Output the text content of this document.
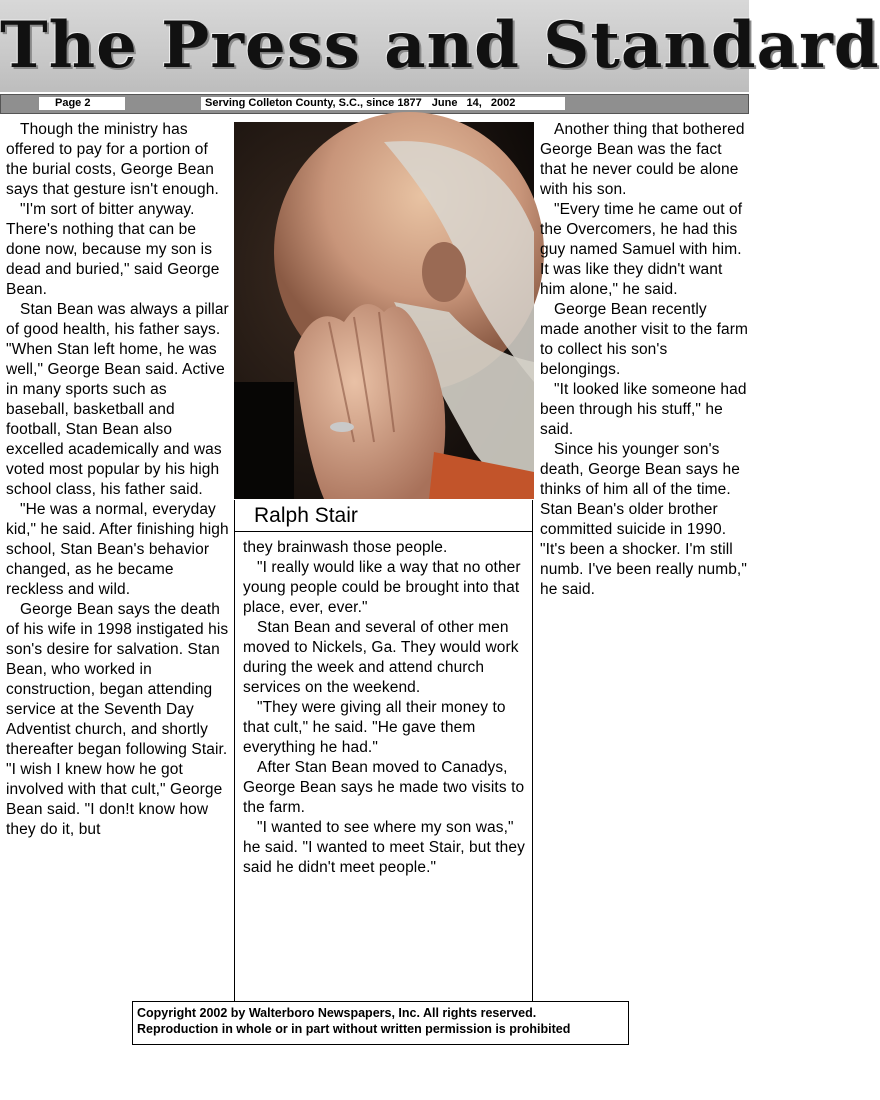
The Press and Standard
Page 2	Serving Colleton County, S.C., since 1877 June 14, 2002

Though the ministry has offered to pay for a portion of the burial costs, George Bean says that gesture isn't enough.

"I'm sort of bitter anyway. There's nothing that can be done now, because my son is dead and buried," said George Bean.

Stan Bean was always a pillar of good health, his father says. "When Stan left home, he was well," George Bean said. Active in many sports such as baseball, basketball and football, Stan Bean also excelled academically and was voted most popular by his high school class, his father said.

"He was a normal, everyday kid," he said. After finishing high school, Stan Bean's behavior changed, as he became reckless and wild.

George Bean says the death of his wife in 1998 instigated his son's desire for salvation. Stan Bean, who worked in construction, began attending service at the Seventh Day Adventist church, and shortly thereafter began following Stair.

"I wish I knew how he got involved with that cult," George Bean said. "I don!t know how they do it, but

Ralph Stair

they brainwash those people.

"I really would like a way that no other young people could be brought into that place, ever, ever."

Stan Bean and several of other men moved to Nickels, Ga. They would work during the week and attend church services on the weekend.

"They were giving all their money to that cult," he said. "He gave them everything he had."

After Stan Bean moved to Canadys, George Bean says he made two visits to the farm.

"I wanted to see where my son was," he said. "I wanted to meet Stair, but they said he didn't meet people."

Another thing that bothered George Bean was the fact that he never could be alone with his son.

"Every time he came out of the Overcomers, he had this guy named Samuel with him. It was like they didn't want him alone," he said.

George Bean recently made another visit to the farm to collect his son's belongings.

"It looked like someone had been through his stuff," he said.

Since his younger son's death, George Bean says he thinks of him all of the time. Stan Bean's older brother committed suicide in 1990.

"It's been a shocker. I'm still numb. I've been really numb," he said.

Copyright 2002 by Walterboro Newspapers, Inc. All rights reserved.
Reproduction in whole or in part without written permission is prohibited
